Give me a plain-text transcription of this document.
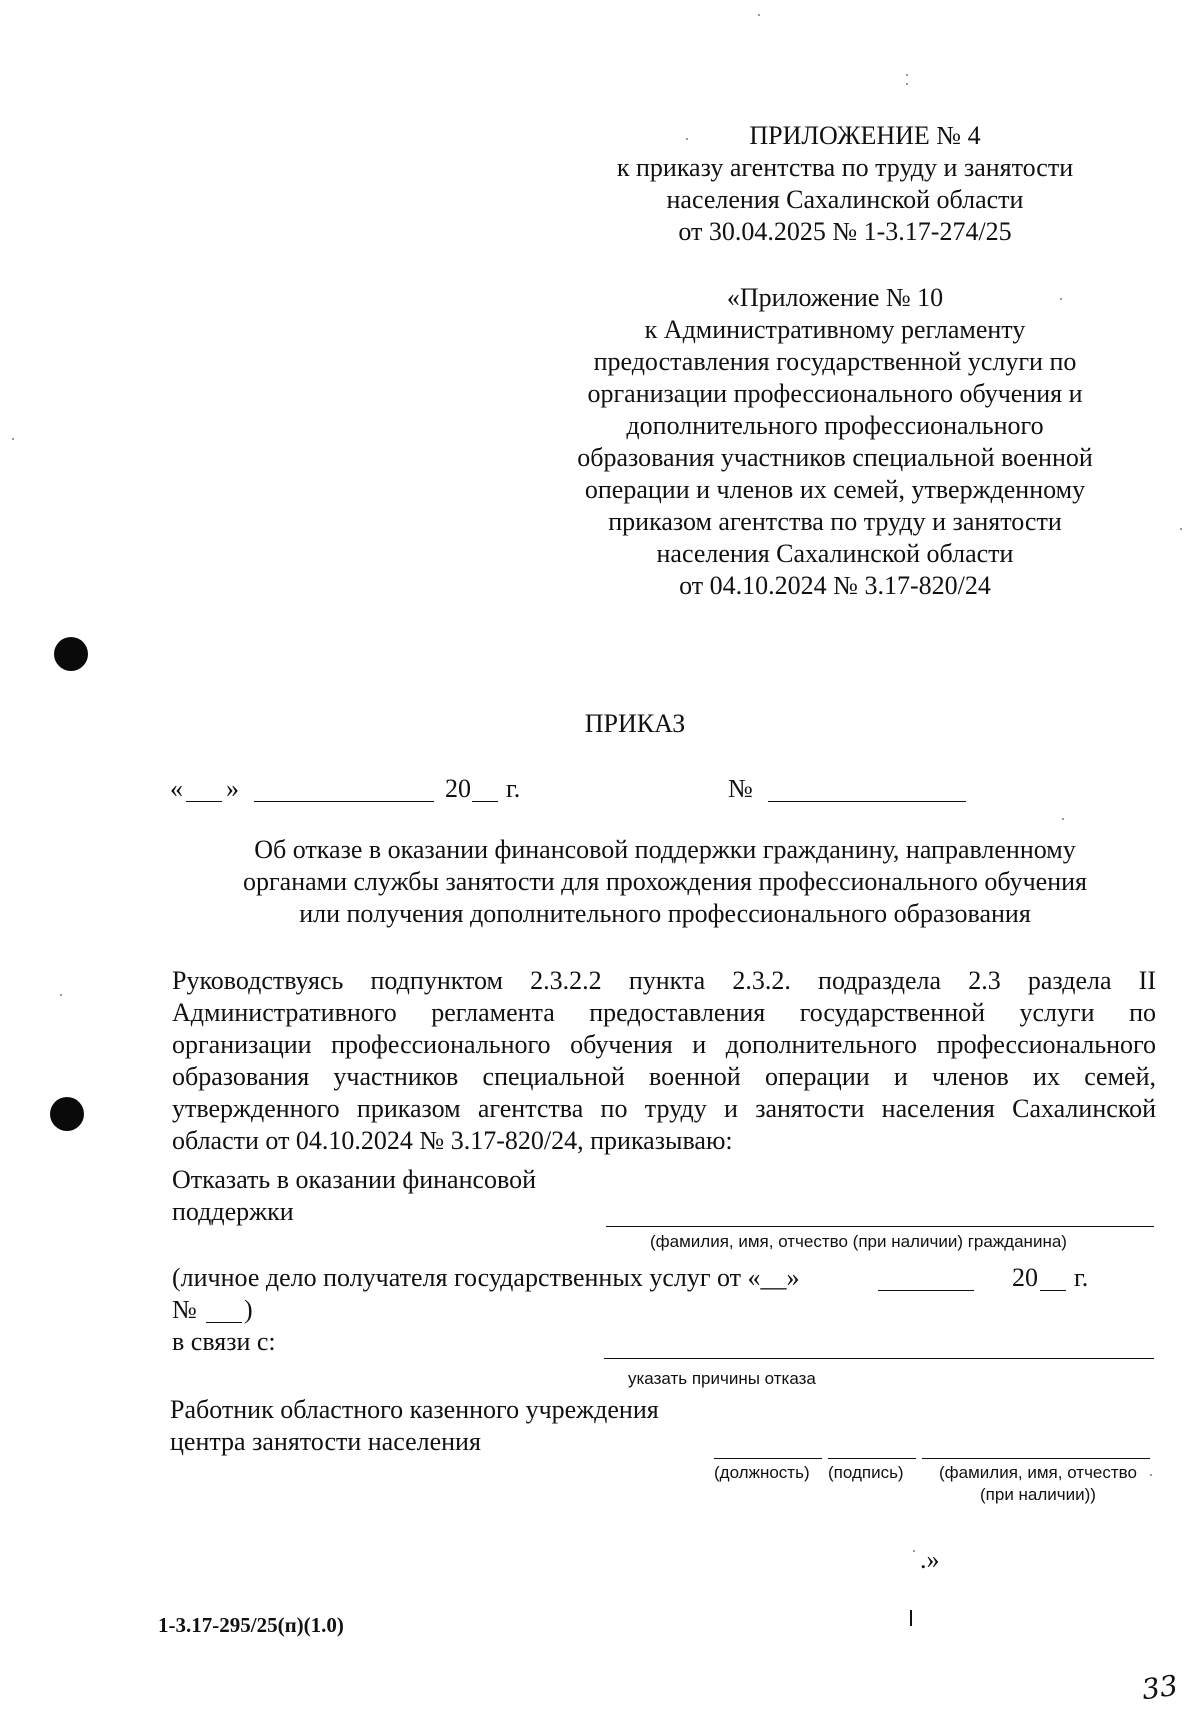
ПРИЛОЖЕНИЕ № 4
к приказу агентства по труду и занятости
населения Сахалинской области
от 30.04.2025 № 1-3.17-274/25
«Приложение № 10
к Административному регламенту
предоставления государственной услуги по
организации профессионального обучения и
дополнительного профессионального
образования участников специальной военной
операции и членов их семей, утвержденному
приказом агентства по труду и занятости
населения Сахалинской области
от 04.10.2024 № 3.17-820/24
ПРИКАЗ
« »	20 г.	№
Об отказе в оказании финансовой поддержки гражданину, направленному
органами службы занятости для прохождения профессионального обучения
или получения дополнительного профессионального образования
Руководствуясь подпунктом 2.3.2.2 пункта 2.3.2. подраздела 2.3 раздела II Административного регламента предоставления государственной услуги по организации профессионального обучения и дополнительного профессионального образования участников специальной военной операции и членов их семей, утвержденного приказом агентства по труду и занятости населения Сахалинской области от 04.10.2024 № 3.17-820/24, приказываю:
Отказать в оказании финансовой
поддержки
(фамилия, имя, отчество (при наличии) гражданина)
(личное дело получателя государственных услуг от «__»	20 г.
№ )
в связи с:
указать причины отказа
Работник областного казенного учреждения
центра занятости населения
(должность) (подпись)	(фамилия, имя, отчество
(при наличии))
.»
1-3.17-295/25(п)(1.0)
33
